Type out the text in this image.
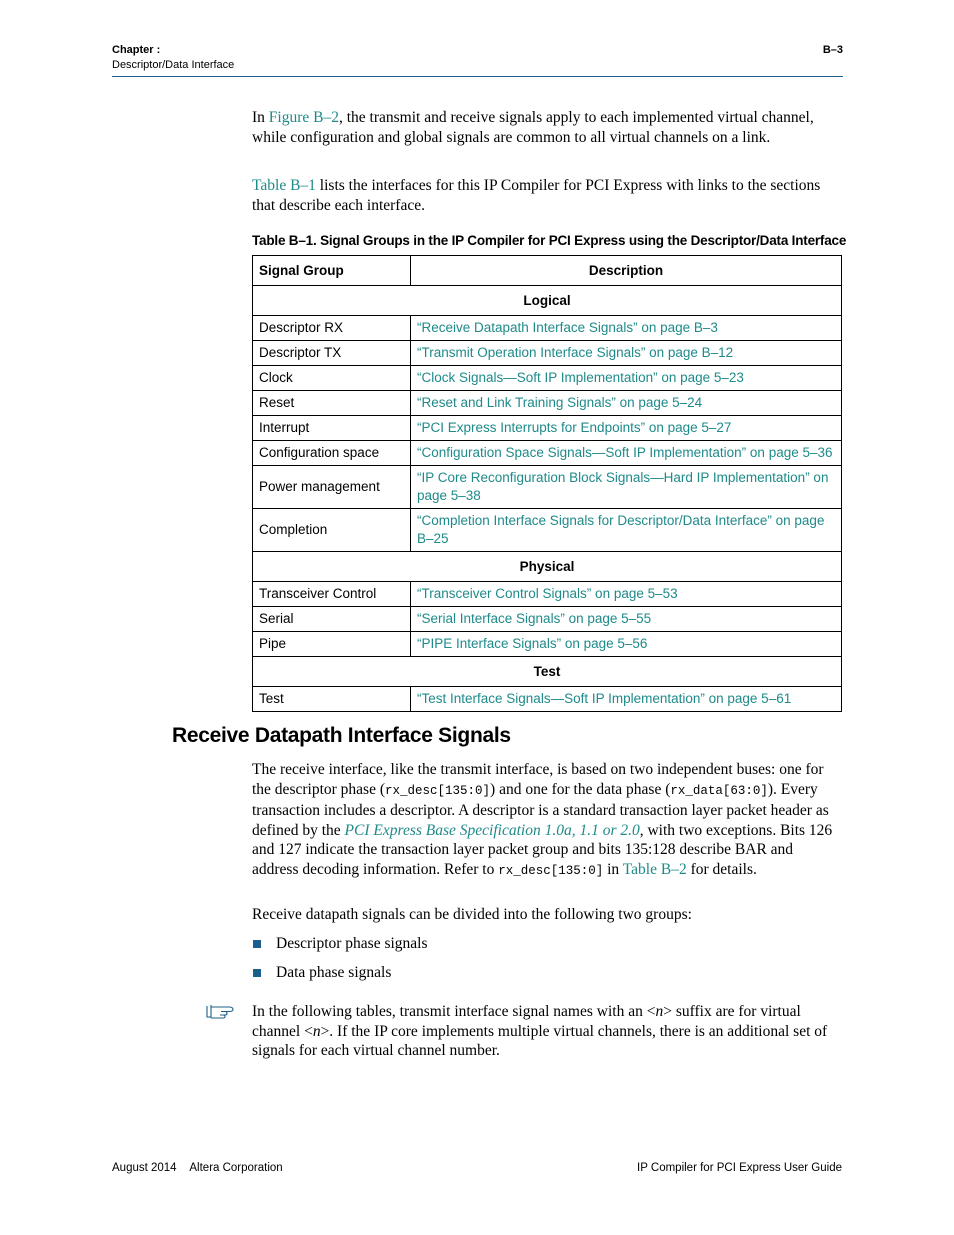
Chapter :
Descriptor/Data Interface
B–3
In Figure B–2, the transmit and receive signals apply to each implemented virtual channel, while configuration and global signals are common to all virtual channels on a link.
Table B–1 lists the interfaces for this IP Compiler for PCI Express with links to the sections that describe each interface.
Table B–1. Signal Groups in the IP Compiler for PCI Express using the Descriptor/Data Interface
Signal Group	Description
Logical	
Descriptor RX	“Receive Datapath Interface Signals” on page B–3
Descriptor TX	“Transmit Operation Interface Signals” on page B–12
Clock	“Clock Signals—Soft IP Implementation” on page 5–23
Reset	“Reset and Link Training Signals” on page 5–24
Interrupt	“PCI Express Interrupts for Endpoints” on page 5–27
Configuration space	“Configuration Space Signals—Soft IP Implementation” on page 5–36
Power management	“IP Core Reconfiguration Block Signals—Hard IP Implementation” on page 5–38
Completion	“Completion Interface Signals for Descriptor/Data Interface” on page B–25
Physical	
Transceiver Control	“Transceiver Control Signals” on page 5–53
Serial	“Serial Interface Signals” on page 5–55
Pipe	“PIPE Interface Signals” on page 5–56
Test	
Test	“Test Interface Signals—Soft IP Implementation” on page 5–61
Receive Datapath Interface Signals
The receive interface, like the transmit interface, is based on two independent buses: one for the descriptor phase (rx_desc[135:0]) and one for the data phase (rx_data[63:0]). Every transaction includes a descriptor. A descriptor is a standard transaction layer packet header as defined by the PCI Express Base Specification 1.0a, 1.1 or 2.0, with two exceptions. Bits 126 and 127 indicate the transaction layer packet group and bits 135:128 describe BAR and address decoding information. Refer to rx_desc[135:0] in Table B–2 for details.
Receive datapath signals can be divided into the following two groups:
Descriptor phase signals
Data phase signals
In the following tables, transmit interface signal names with an <n> suffix are for virtual channel <n>. If the IP core implements multiple virtual channels, there is an additional set of signals for each virtual channel number.
August 2014 Altera Corporation	IP Compiler for PCI Express User Guide
